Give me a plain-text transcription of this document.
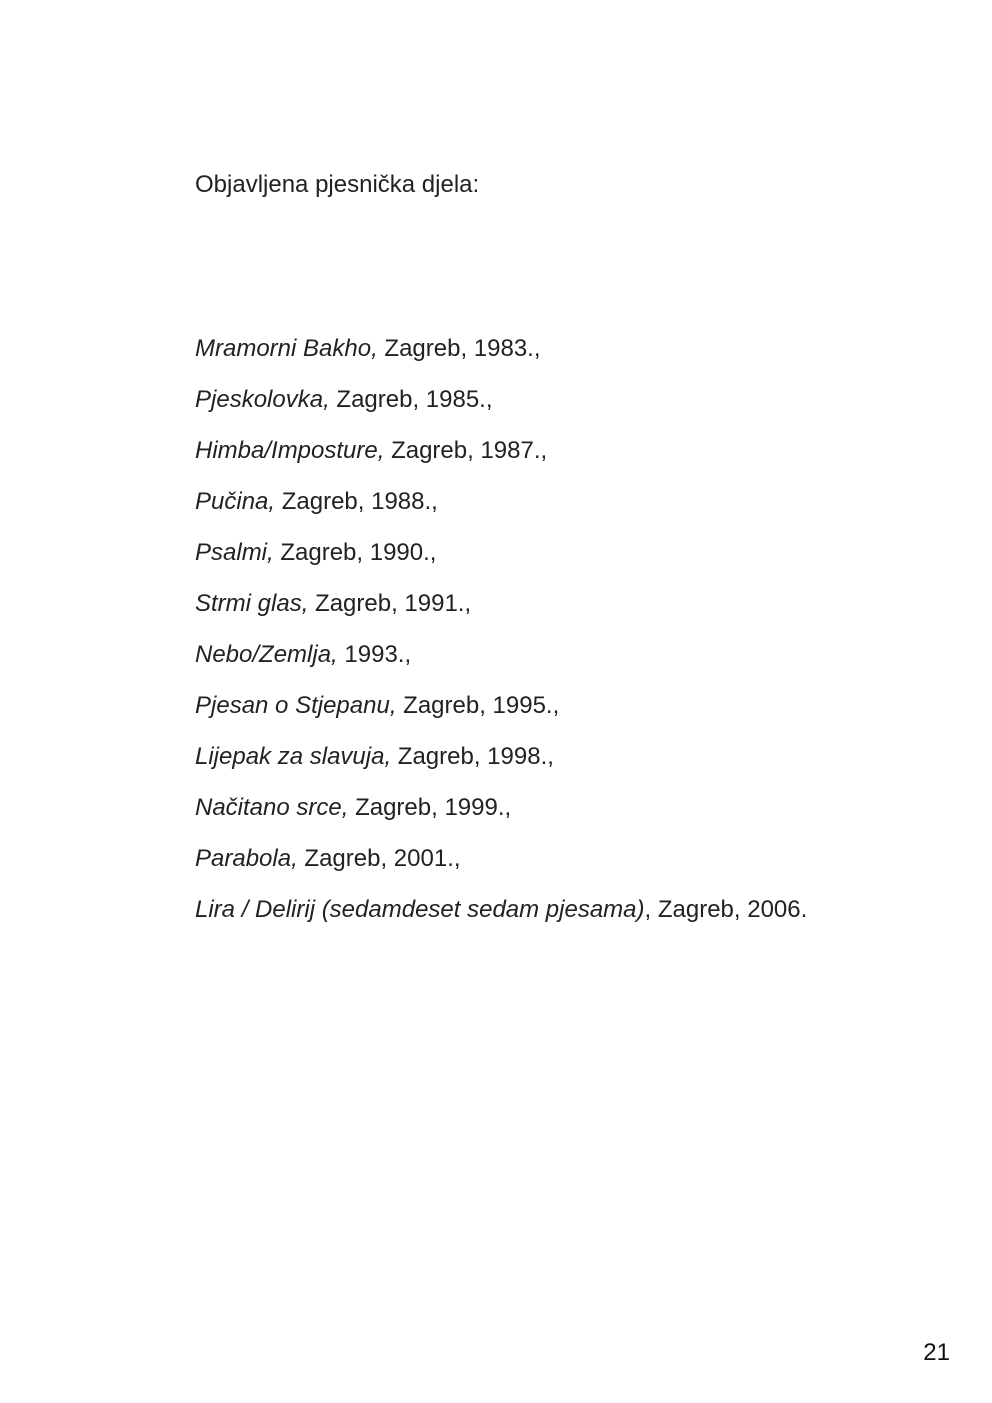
Objavljena pjesnička djela:

Mramorni Bakho, Zagreb, 1983.,
Pjeskolovka, Zagreb, 1985.,
Himba/Imposture, Zagreb, 1987.,
Pučina, Zagreb, 1988.,
Psalmi, Zagreb, 1990.,
Strmi glas, Zagreb, 1991.,
Nebo/Zemlja, 1993.,
Pjesan o Stjepanu, Zagreb, 1995.,
Lijepak za slavuja, Zagreb, 1998.,
Načitano srce, Zagreb, 1999.,
Parabola, Zagreb, 2001.,
Lira / Delirij (sedamdeset sedam pjesama), Zagreb, 2006.
21
